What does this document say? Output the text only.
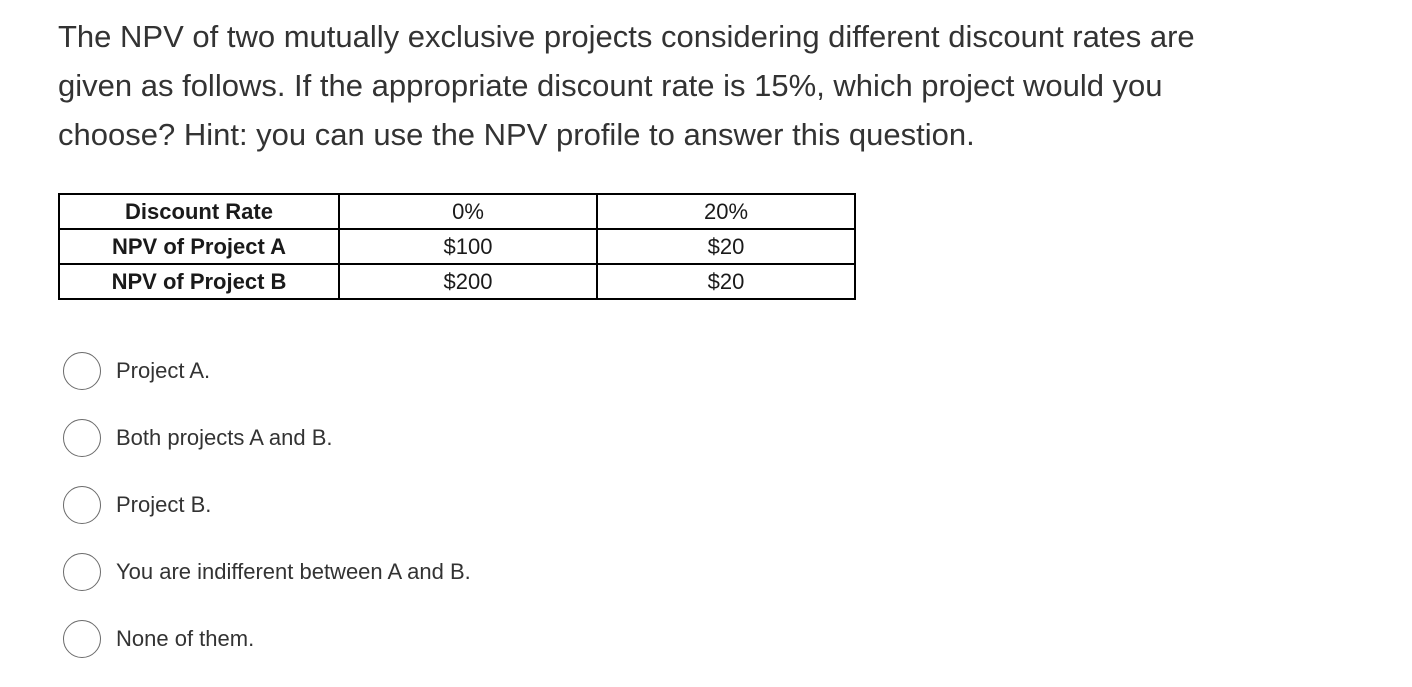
The NPV of two mutually exclusive projects considering different discount rates are
given as follows. If the appropriate discount rate is 15%, which project would you
choose? Hint: you can use the NPV profile to answer this question.

Discount Rate	0%	20%
NPV of Project A	$100	$20
NPV of Project B	$200	$20
Project A.
Both projects A and B.
Project B.
You are indifferent between A and B.
None of them.
